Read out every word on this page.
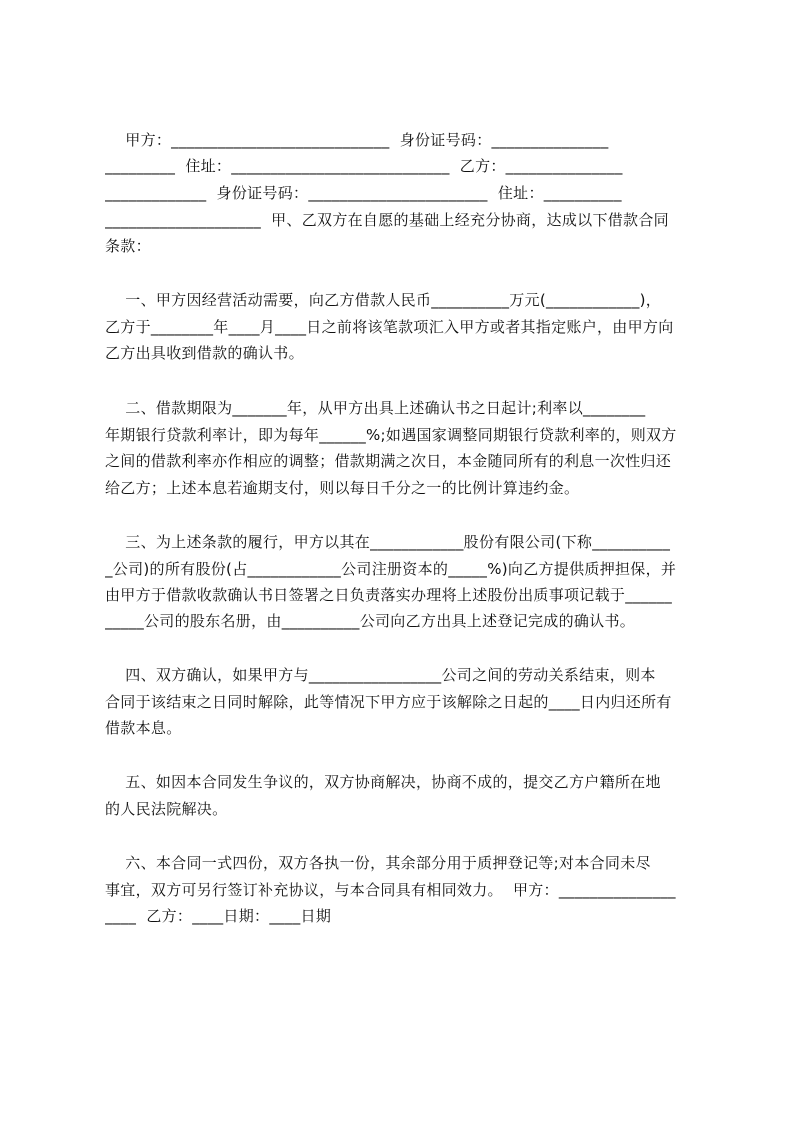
甲方：____________________________  身份证号码：_______________
_________  住址：____________________________  乙方：_______________
_____________  身份证号码：_______________________  住址：__________
____________________  甲、乙双方在自愿的基础上经充分协商，达成以下借款合同
条款：
一、甲方因经营活动需要，向乙方借款人民币__________万元(____________)，
乙方于________年____月____日之前将该笔款项汇入甲方或者其指定账户，由甲方向
乙方出具收到借款的确认书。
二、借款期限为_______年，从甲方出具上述确认书之日起计;利率以________
年期银行贷款利率计，即为每年______%;如遇国家调整同期银行贷款利率的，则双方
之间的借款利率亦作相应的调整；借款期满之次日，本金随同所有的利息一次性归还
给乙方；上述本息若逾期支付，则以每日千分之一的比例计算违约金。
三、为上述条款的履行，甲方以其在____________股份有限公司(下称__________
_公司)的所有股份(占____________公司注册资本的_____%)向乙方提供质押担保，并
由甲方于借款收款确认书日签署之日负责落实办理将上述股份出质事项记载于______
_____公司的股东名册，由__________公司向乙方出具上述登记完成的确认书。
四、双方确认，如果甲方与_________________公司之间的劳动关系结束，则本
合同于该结束之日同时解除，此等情况下甲方应于该解除之日起的____日内归还所有
借款本息。
五、如因本合同发生争议的，双方协商解决，协商不成的，提交乙方户籍所在地
的人民法院解决。
六、本合同一式四份，双方各执一份，其余部分用于质押登记等;对本合同未尽
事宜，双方可另行签订补充协议，与本合同具有相同效力。  甲方：_______________
____  乙方：____日期：____日期
